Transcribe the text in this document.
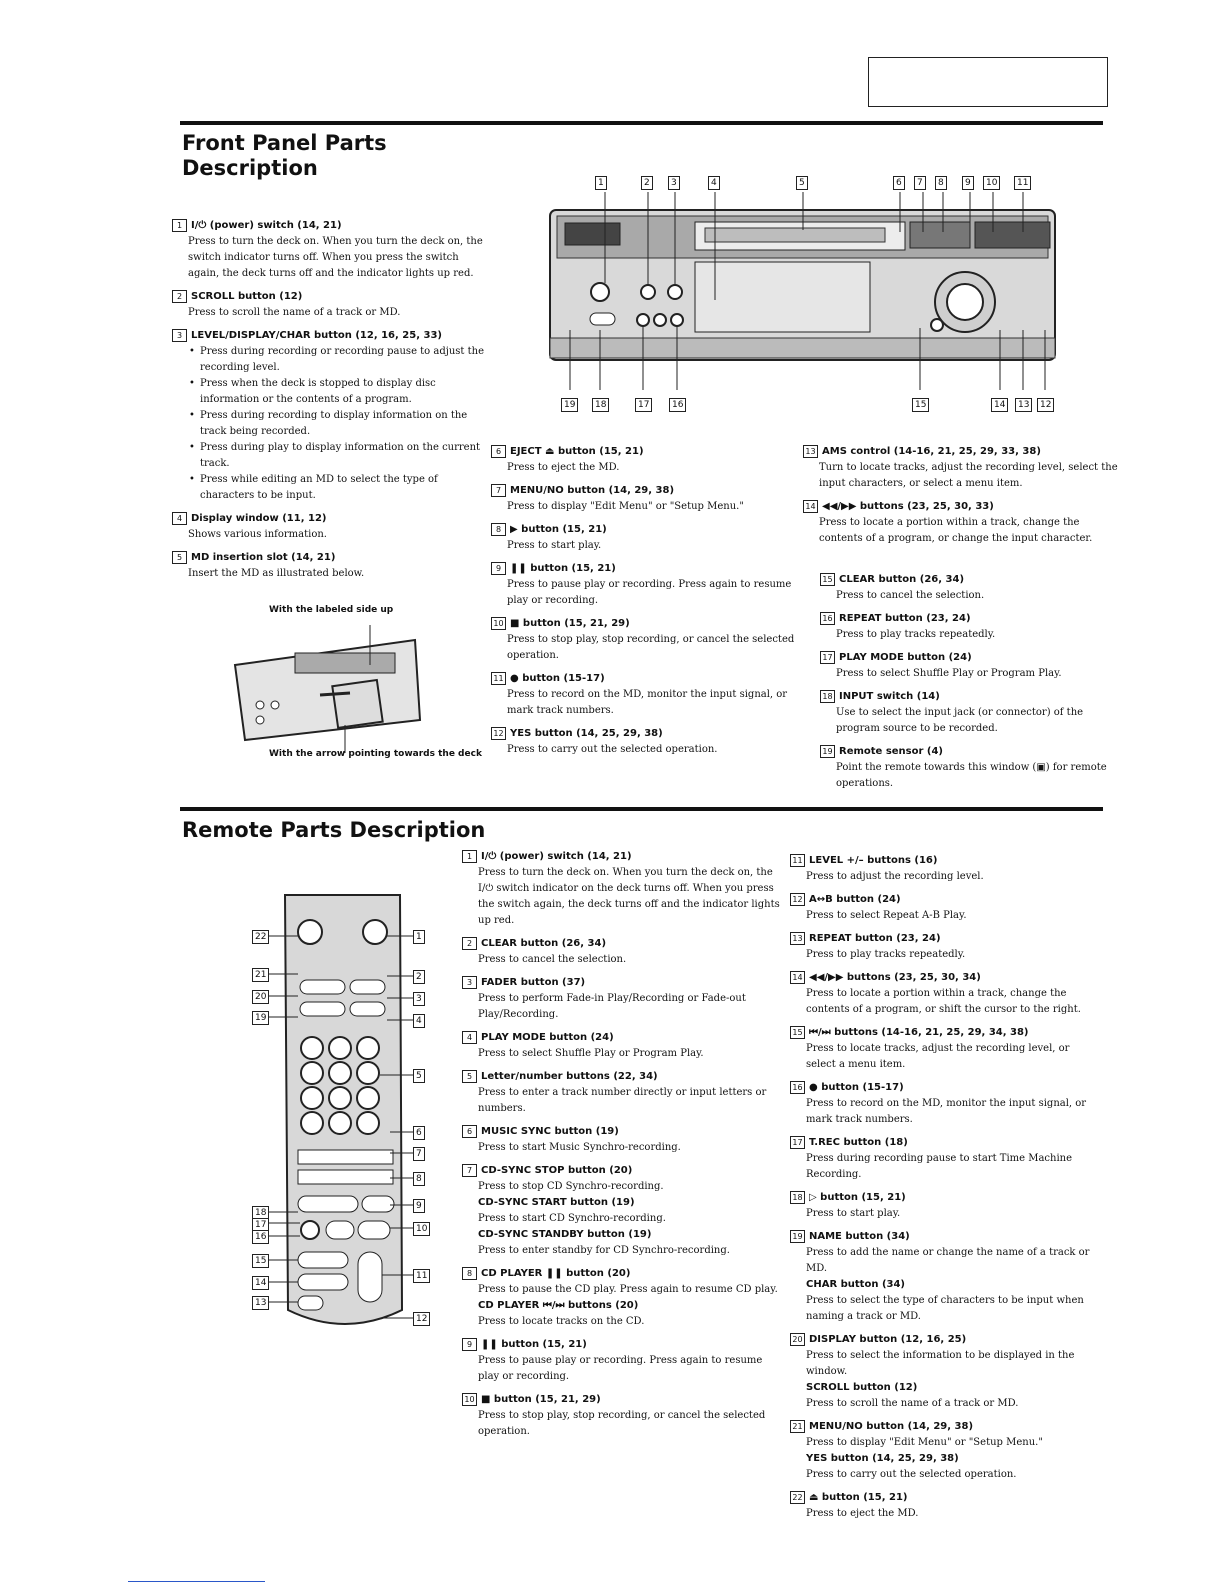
Front Panel Parts
Description
1	2	3	4	5	6	7	8	9	10	11
19	18	17	16	15	14	13	12
1 I/⏻ (power) switch (14, 21)
Press to turn the deck on. When you turn the deck on, the switch indicator turns off. When you press the switch again, the deck turns off and the indicator lights up red.
2 SCROLL button (12)
Press to scroll the name of a track or MD.
3 LEVEL/DISPLAY/CHAR button (12, 16, 25, 33)
• Press during recording or recording pause to adjust the recording level.
• Press when the deck is stopped to display disc information or the contents of a program.
• Press during recording to display information on the track being recorded.
• Press during play to display information on the current track.
• Press while editing an MD to select the type of characters to be input.
4 Display window (11, 12)
Shows various information.
5 MD insertion slot (14, 21)
Insert the MD as illustrated below.
6 EJECT ⏏ button (15, 21)
Press to eject the MD.
7 MENU/NO button (14, 29, 38)
Press to display "Edit Menu" or "Setup Menu."
8 ▶ button (15, 21)
Press to start play.
9 ❚❚ button (15, 21)
Press to pause play or recording. Press again to resume play or recording.
10 ■ button (15, 21, 29)
Press to stop play, stop recording, or cancel the selected operation.
11 ● button (15-17)
Press to record on the MD, monitor the input signal, or mark track numbers.
12 YES button (14, 25, 29, 38)
Press to carry out the selected operation.
13 AMS control (14-16, 21, 25, 29, 33, 38)
Turn to locate tracks, adjust the recording level, select the input characters, or select a menu item.
14 ◀◀/▶▶ buttons (23, 25, 30, 33)
Press to locate a portion within a track, change the contents of a program, or change the input character.
15 CLEAR button (26, 34)
Press to cancel the selection.
16 REPEAT button (23, 24)
Press to play tracks repeatedly.
17 PLAY MODE button (24)
Press to select Shuffle Play or Program Play.
18 INPUT switch (14)
Use to select the input jack (or connector) of the program source to be recorded.
19 Remote sensor (4)
Point the remote towards this window (▣) for remote operations.
With the labeled side up
With the arrow pointing towards the deck
Remote Parts Description
1
2
3
4
5
6
7
8
9
10
11
12
22
21
20
19
18
17
16
15
14
13
1 I/⏻ (power) switch (14, 21)
Press to turn the deck on. When you turn the deck on, the I/⏻ switch indicator on the deck turns off. When you press the switch again, the deck turns off and the indicator lights up red.
2 CLEAR button (26, 34)
Press to cancel the selection.
3 FADER button (37)
Press to perform Fade-in Play/Recording or Fade-out Play/Recording.
4 PLAY MODE button (24)
Press to select Shuffle Play or Program Play.
5 Letter/number buttons (22, 34)
Press to enter a track number directly or input letters or numbers.
6 MUSIC SYNC button (19)
Press to start Music Synchro-recording.
7 CD-SYNC STOP button (20)
Press to stop CD Synchro-recording.
CD-SYNC START button (19)
Press to start CD Synchro-recording.
CD-SYNC STANDBY button (19)
Press to enter standby for CD Synchro-recording.
8 CD PLAYER ❚❚ button (20)
Press to pause the CD play. Press again to resume CD play.
CD PLAYER ⏮/⏭ buttons (20)
Press to locate tracks on the CD.
9 ❚❚ button (15, 21)
Press to pause play or recording. Press again to resume play or recording.
10 ■ button (15, 21, 29)
Press to stop play, stop recording, or cancel the selected operation.
11 LEVEL +/– buttons (16)
Press to adjust the recording level.
12 A↔B button (24)
Press to select Repeat A-B Play.
13 REPEAT button (23, 24)
Press to play tracks repeatedly.
14 ◀◀/▶▶ buttons (23, 25, 30, 34)
Press to locate a portion within a track, change the contents of a program, or shift the cursor to the right.
15 ⏮/⏭ buttons (14-16, 21, 25, 29, 34, 38)
Press to locate tracks, adjust the recording level, or select a menu item.
16 ● button (15-17)
Press to record on the MD, monitor the input signal, or mark track numbers.
17 T.REC button (18)
Press during recording pause to start Time Machine Recording.
18 ▷ button (15, 21)
Press to start play.
19 NAME button (34)
Press to add the name or change the name of a track or MD.
CHAR button (34)
Press to select the type of characters to be input when naming a track or MD.
20 DISPLAY button (12, 16, 25)
Press to select the information to be displayed in the window.
SCROLL button (12)
Press to scroll the name of a track or MD.
21 MENU/NO button (14, 29, 38)
Press to display "Edit Menu" or "Setup Menu."
YES button (14, 25, 29, 38)
Press to carry out the selected operation.
22 ⏏ button (15, 21)
Press to eject the MD.
